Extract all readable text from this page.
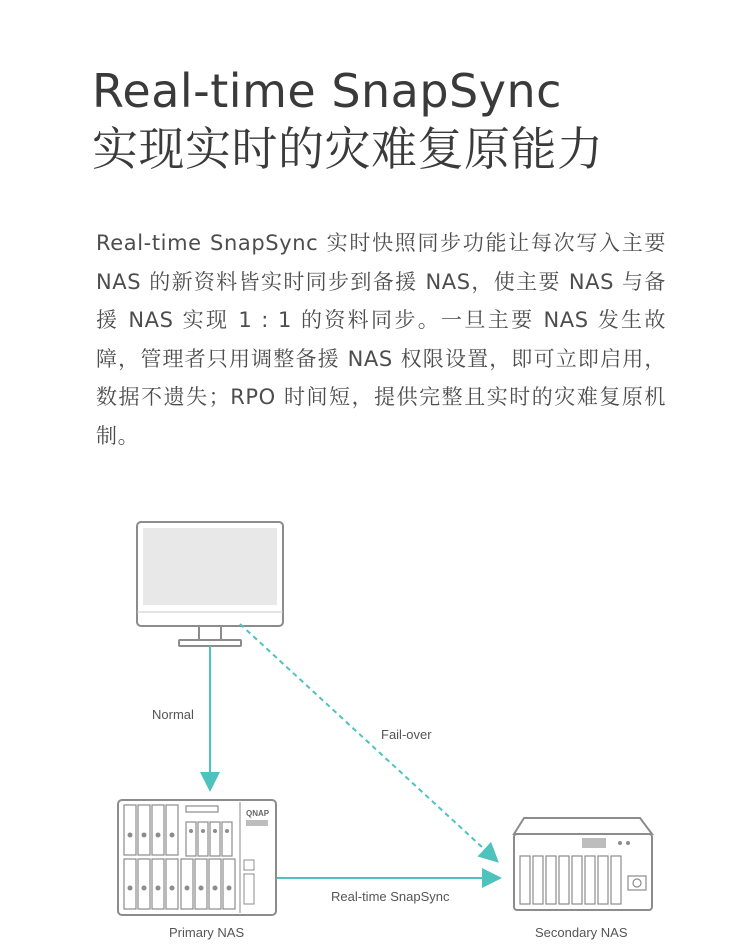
Real-time SnapSync
实现实时的灾难复原能力
Real-time SnapSync 实时快照同步功能让每次写入主要 NAS 的新资料皆实时同步到备援 NAS，使主要 NAS 与备援 NAS 实现 1 : 1 的资料同步。一旦主要 NAS 发生故障，管理者只用调整备援 NAS 权限设置，即可立即启用，数据不遗失；RPO 时间短，提供完整且实时的灾难复原机制。
QNAP
Normal
Fail-over
Real-time SnapSync
Primary NAS	Secondary NAS
